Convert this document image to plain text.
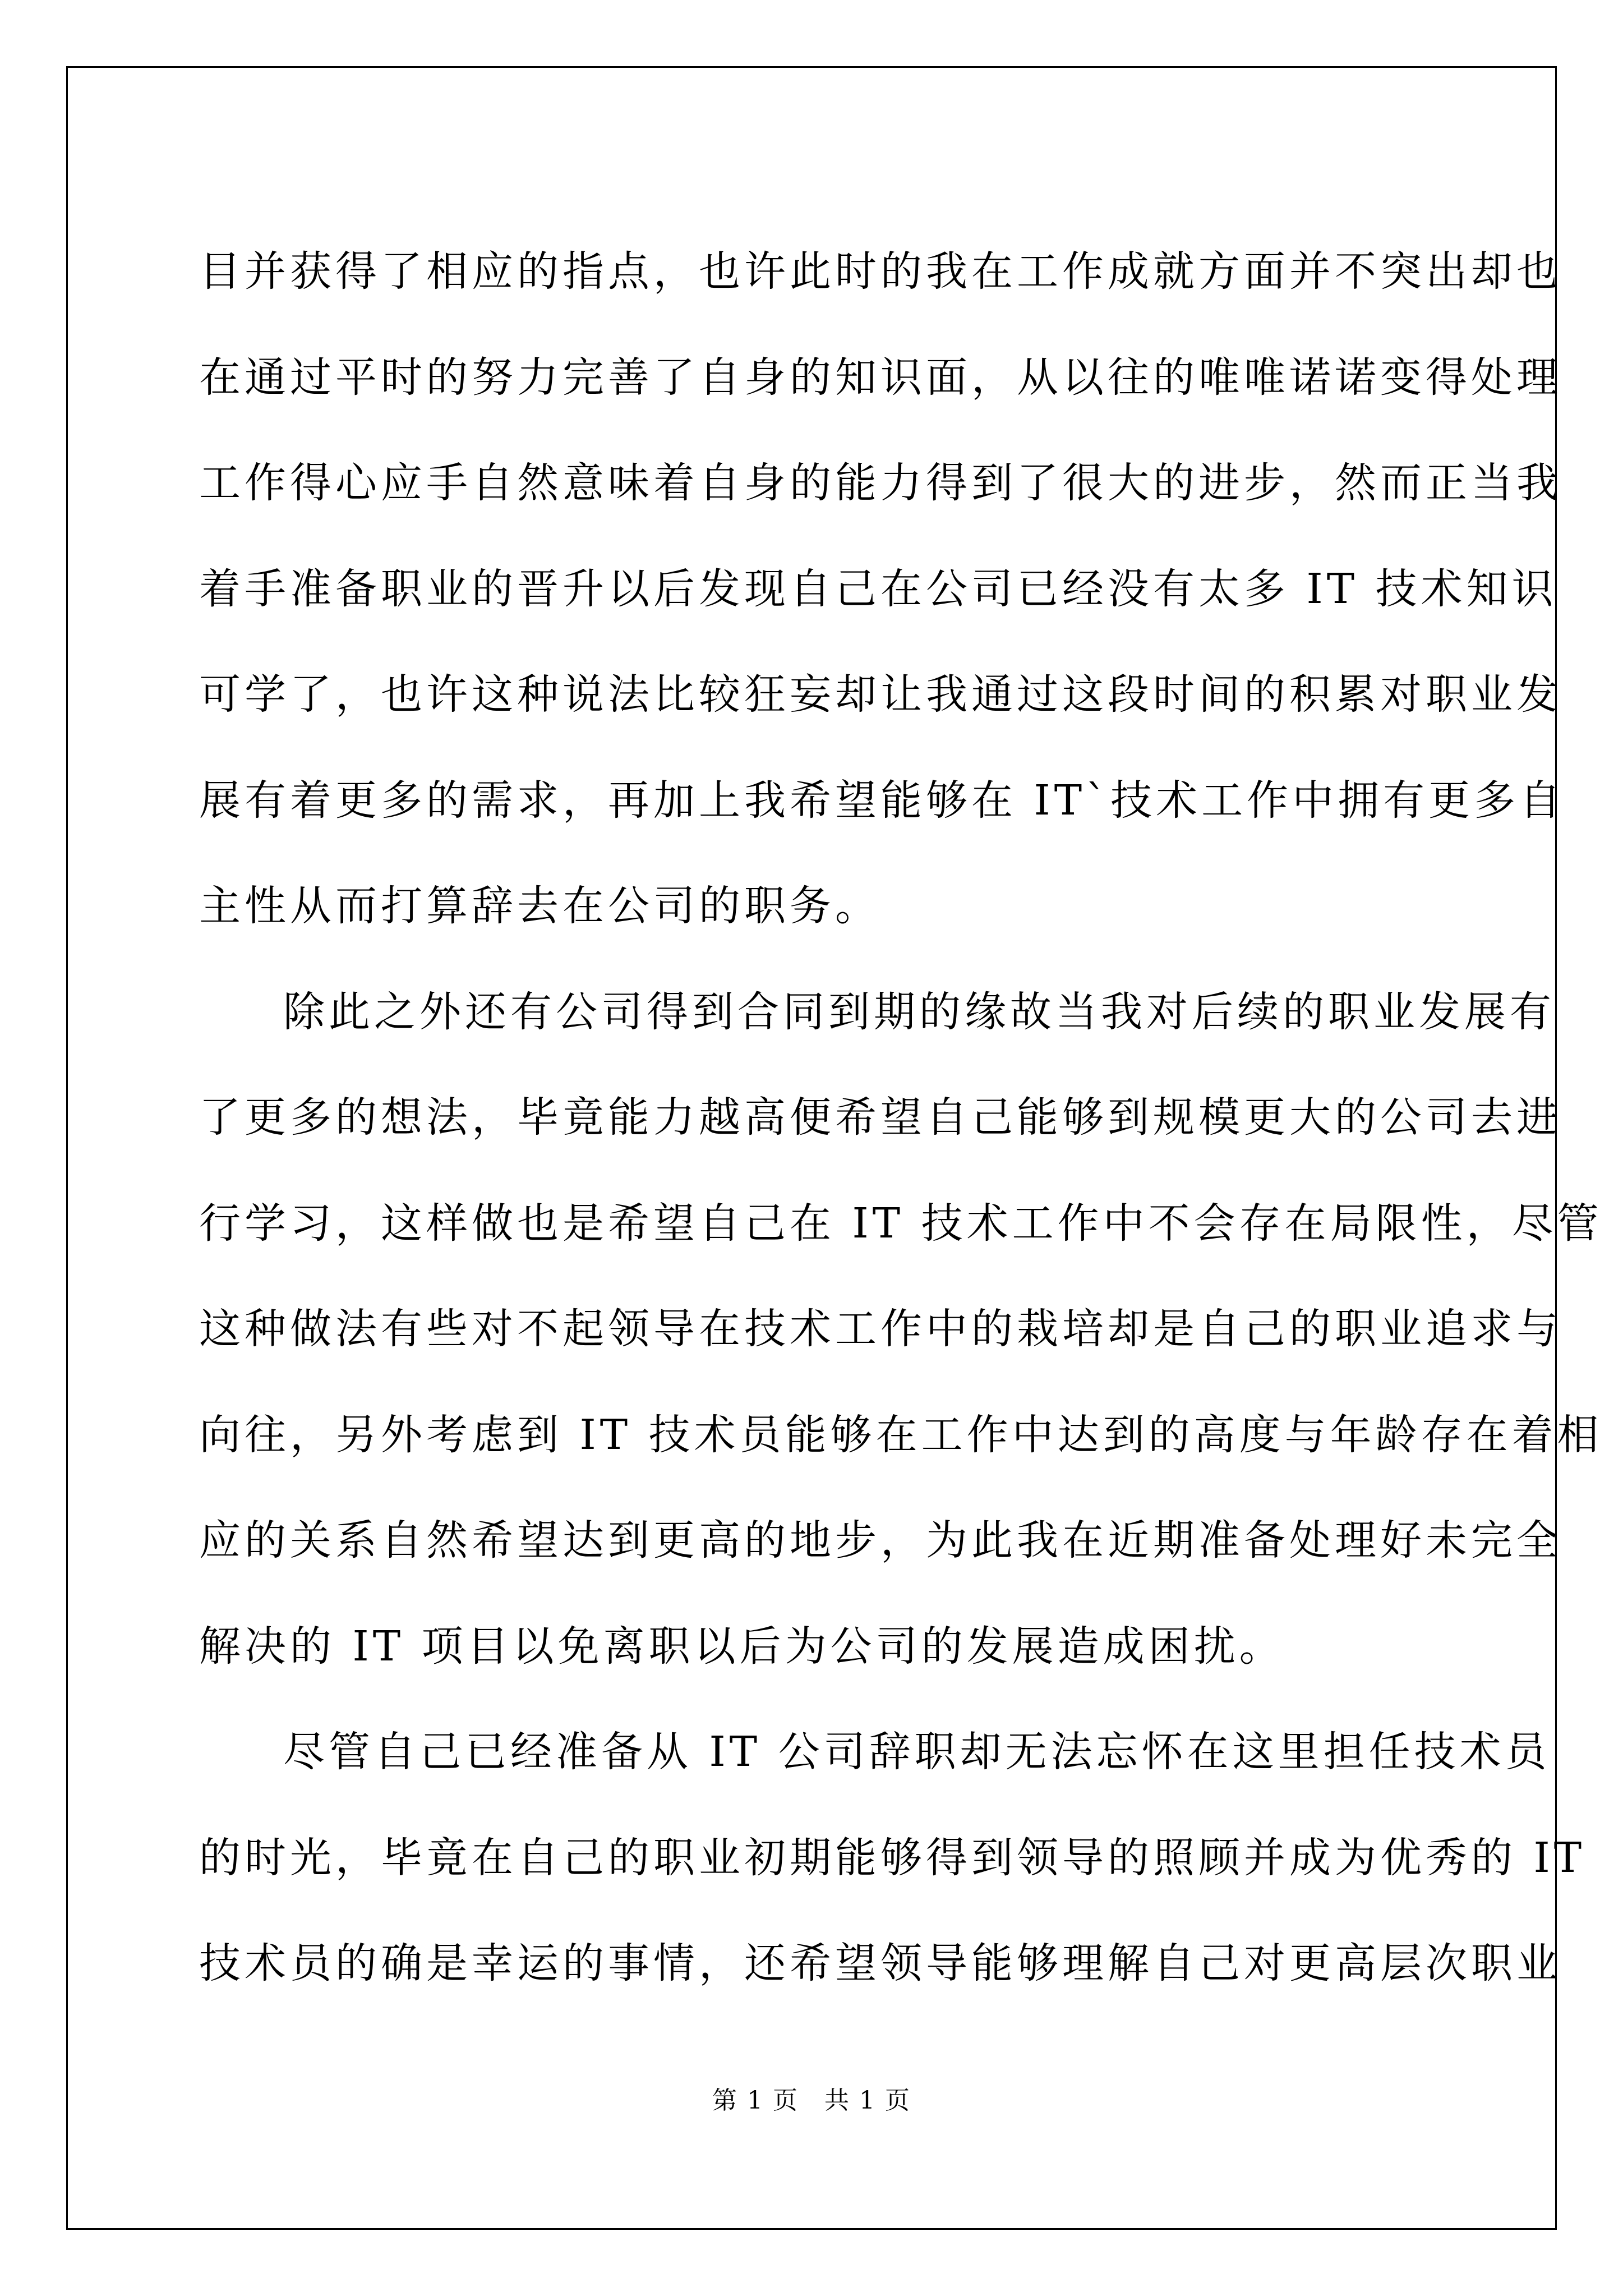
目并获得了相应的指点，也许此时的我在工作成就方面并不突出却也
在通过平时的努力完善了自身的知识面，从以往的唯唯诺诺变得处理
工作得心应手自然意味着自身的能力得到了很大的进步，然而正当我
着手准备职业的晋升以后发现自己在公司已经没有太多 IT 技术知识
可学了，也许这种说法比较狂妄却让我通过这段时间的积累对职业发
展有着更多的需求，再加上我希望能够在 IT`技术工作中拥有更多自
主性从而打算辞去在公司的职务。
除此之外还有公司得到合同到期的缘故当我对后续的职业发展有
了更多的想法，毕竟能力越高便希望自己能够到规模更大的公司去进
行学习，这样做也是希望自己在 IT 技术工作中不会存在局限性，尽管
这种做法有些对不起领导在技术工作中的栽培却是自己的职业追求与
向往，另外考虑到 IT 技术员能够在工作中达到的高度与年龄存在着相
应的关系自然希望达到更高的地步，为此我在近期准备处理好未完全
解决的 IT 项目以免离职以后为公司的发展造成困扰。
尽管自己已经准备从 IT 公司辞职却无法忘怀在这里担任技术员
的时光，毕竟在自己的职业初期能够得到领导的照顾并成为优秀的 IT
技术员的确是幸运的事情，还希望领导能够理解自己对更高层次职业
第 1 页　共 1 页
